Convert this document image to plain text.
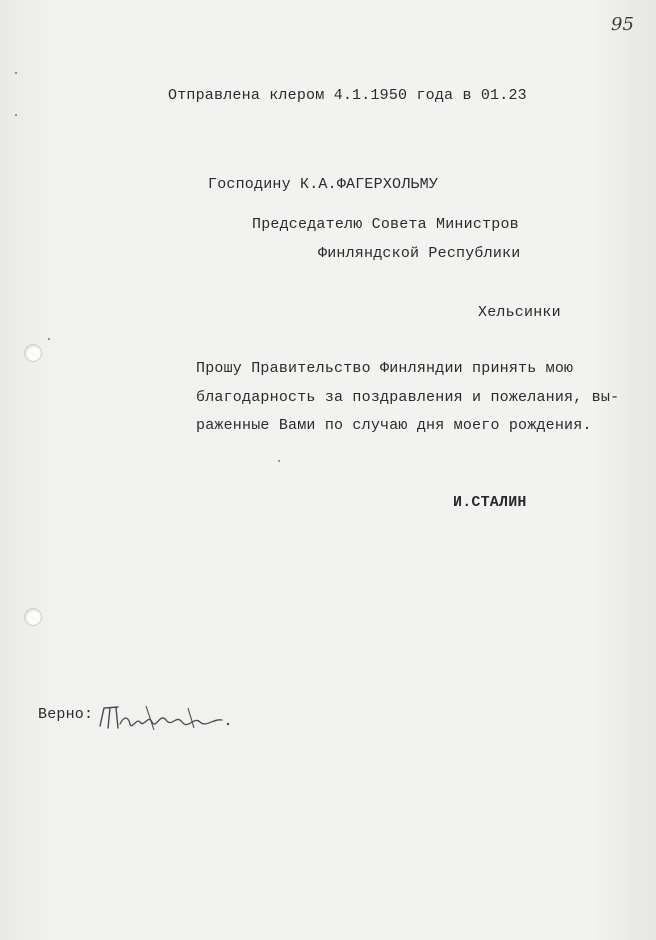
95
Отправлена клером 4.1.1950 года в 01.23
Господину К.А.ФАГЕРХОЛЬМУ
Председателю Совета Министров
Финляндской Республики
Хельсинки
Прошу Правительство Финляндии принять мою
благодарность за поздравления и пожелания, вы-
раженные Вами по случаю дня моего рождения.
И.СТАЛИН
Верно:
